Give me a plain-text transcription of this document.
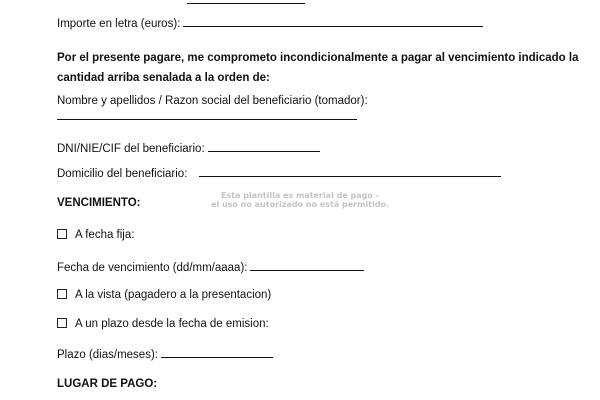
Importe en letra (euros):
Por el presente pagare, me comprometo incondicionalmente a pagar al vencimiento indicado la
cantidad arriba senalada a la orden de:
Nombre y apellidos / Razon social del beneficiario (tomador):
DNI/NIE/CIF del beneficiario:
Domicilio del beneficiario:
VENCIMIENTO:
A fecha fija:
Fecha de vencimiento (dd/mm/aaaa):
A la vista (pagadero a la presentacion)
A un plazo desde la fecha de emision:
Plazo (dias/meses):
LUGAR DE PAGO:
Esta plantilla es material de pago -
el uso no autorizado no está permitido.
